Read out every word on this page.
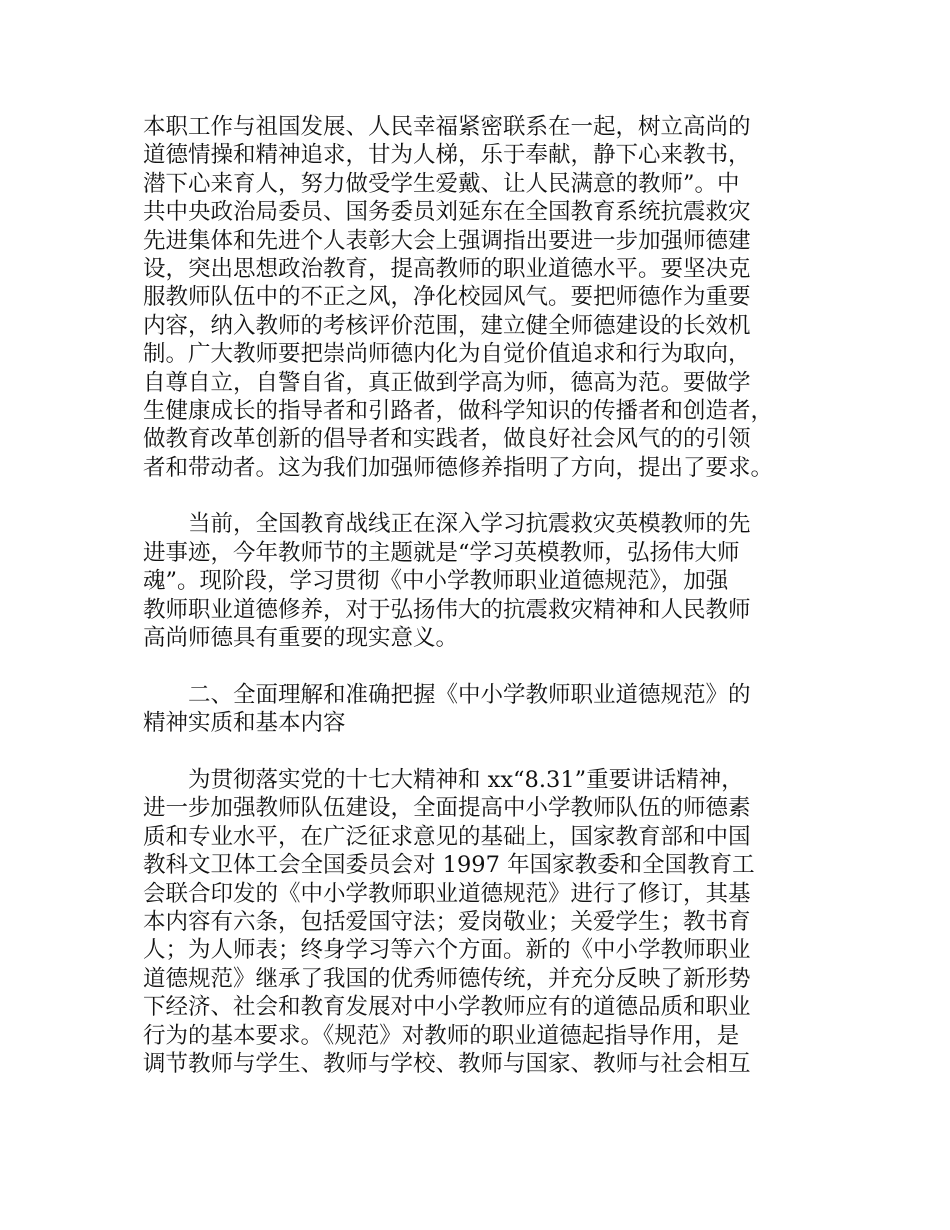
本职工作与祖国发展、人民幸福紧密联系在一起，树立高尚的
道德情操和精神追求，甘为人梯，乐于奉献，静下心来教书，
潜下心来育人，努力做受学生爱戴、让人民满意的教师”。中
共中央政治局委员、国务委员刘延东在全国教育系统抗震救灾
先进集体和先进个人表彰大会上强调指出要进一步加强师德建
设，突出思想政治教育，提高教师的职业道德水平。要坚决克
服教师队伍中的不正之风，净化校园风气。要把师德作为重要
内容，纳入教师的考核评价范围，建立健全师德建设的长效机
制。广大教师要把崇尚师德内化为自觉价值追求和行为取向，
自尊自立，自警自省，真正做到学高为师，德高为范。要做学
生健康成长的指导者和引路者，做科学知识的传播者和创造者，
做教育改革创新的倡导者和实践者，做良好社会风气的的引领
者和带动者。这为我们加强师德修养指明了方向，提出了要求。
　　当前，全国教育战线正在深入学习抗震救灾英模教师的先
进事迹，今年教师节的主题就是“学习英模教师，弘扬伟大师
魂”。现阶段，学习贯彻《中小学教师职业道德规范》，加强
教师职业道德修养，对于弘扬伟大的抗震救灾精神和人民教师
高尚师德具有重要的现实意义。
　　二、全面理解和准确把握《中小学教师职业道德规范》的
精神实质和基本内容
　　为贯彻落实党的十七大精神和 xx“8.31”重要讲话精神，
进一步加强教师队伍建设，全面提高中小学教师队伍的师德素
质和专业水平，在广泛征求意见的基础上，国家教育部和中国
教科文卫体工会全国委员会对 1997 年国家教委和全国教育工
会联合印发的《中小学教师职业道德规范》进行了修订，其基
本内容有六条，包括爱国守法；爱岗敬业；关爱学生；教书育
人；为人师表；终身学习等六个方面。新的《中小学教师职业
道德规范》继承了我国的优秀师德传统，并充分反映了新形势
下经济、社会和教育发展对中小学教师应有的道德品质和职业
行为的基本要求。《规范》对教师的职业道德起指导作用，是
调节教师与学生、教师与学校、教师与国家、教师与社会相互
